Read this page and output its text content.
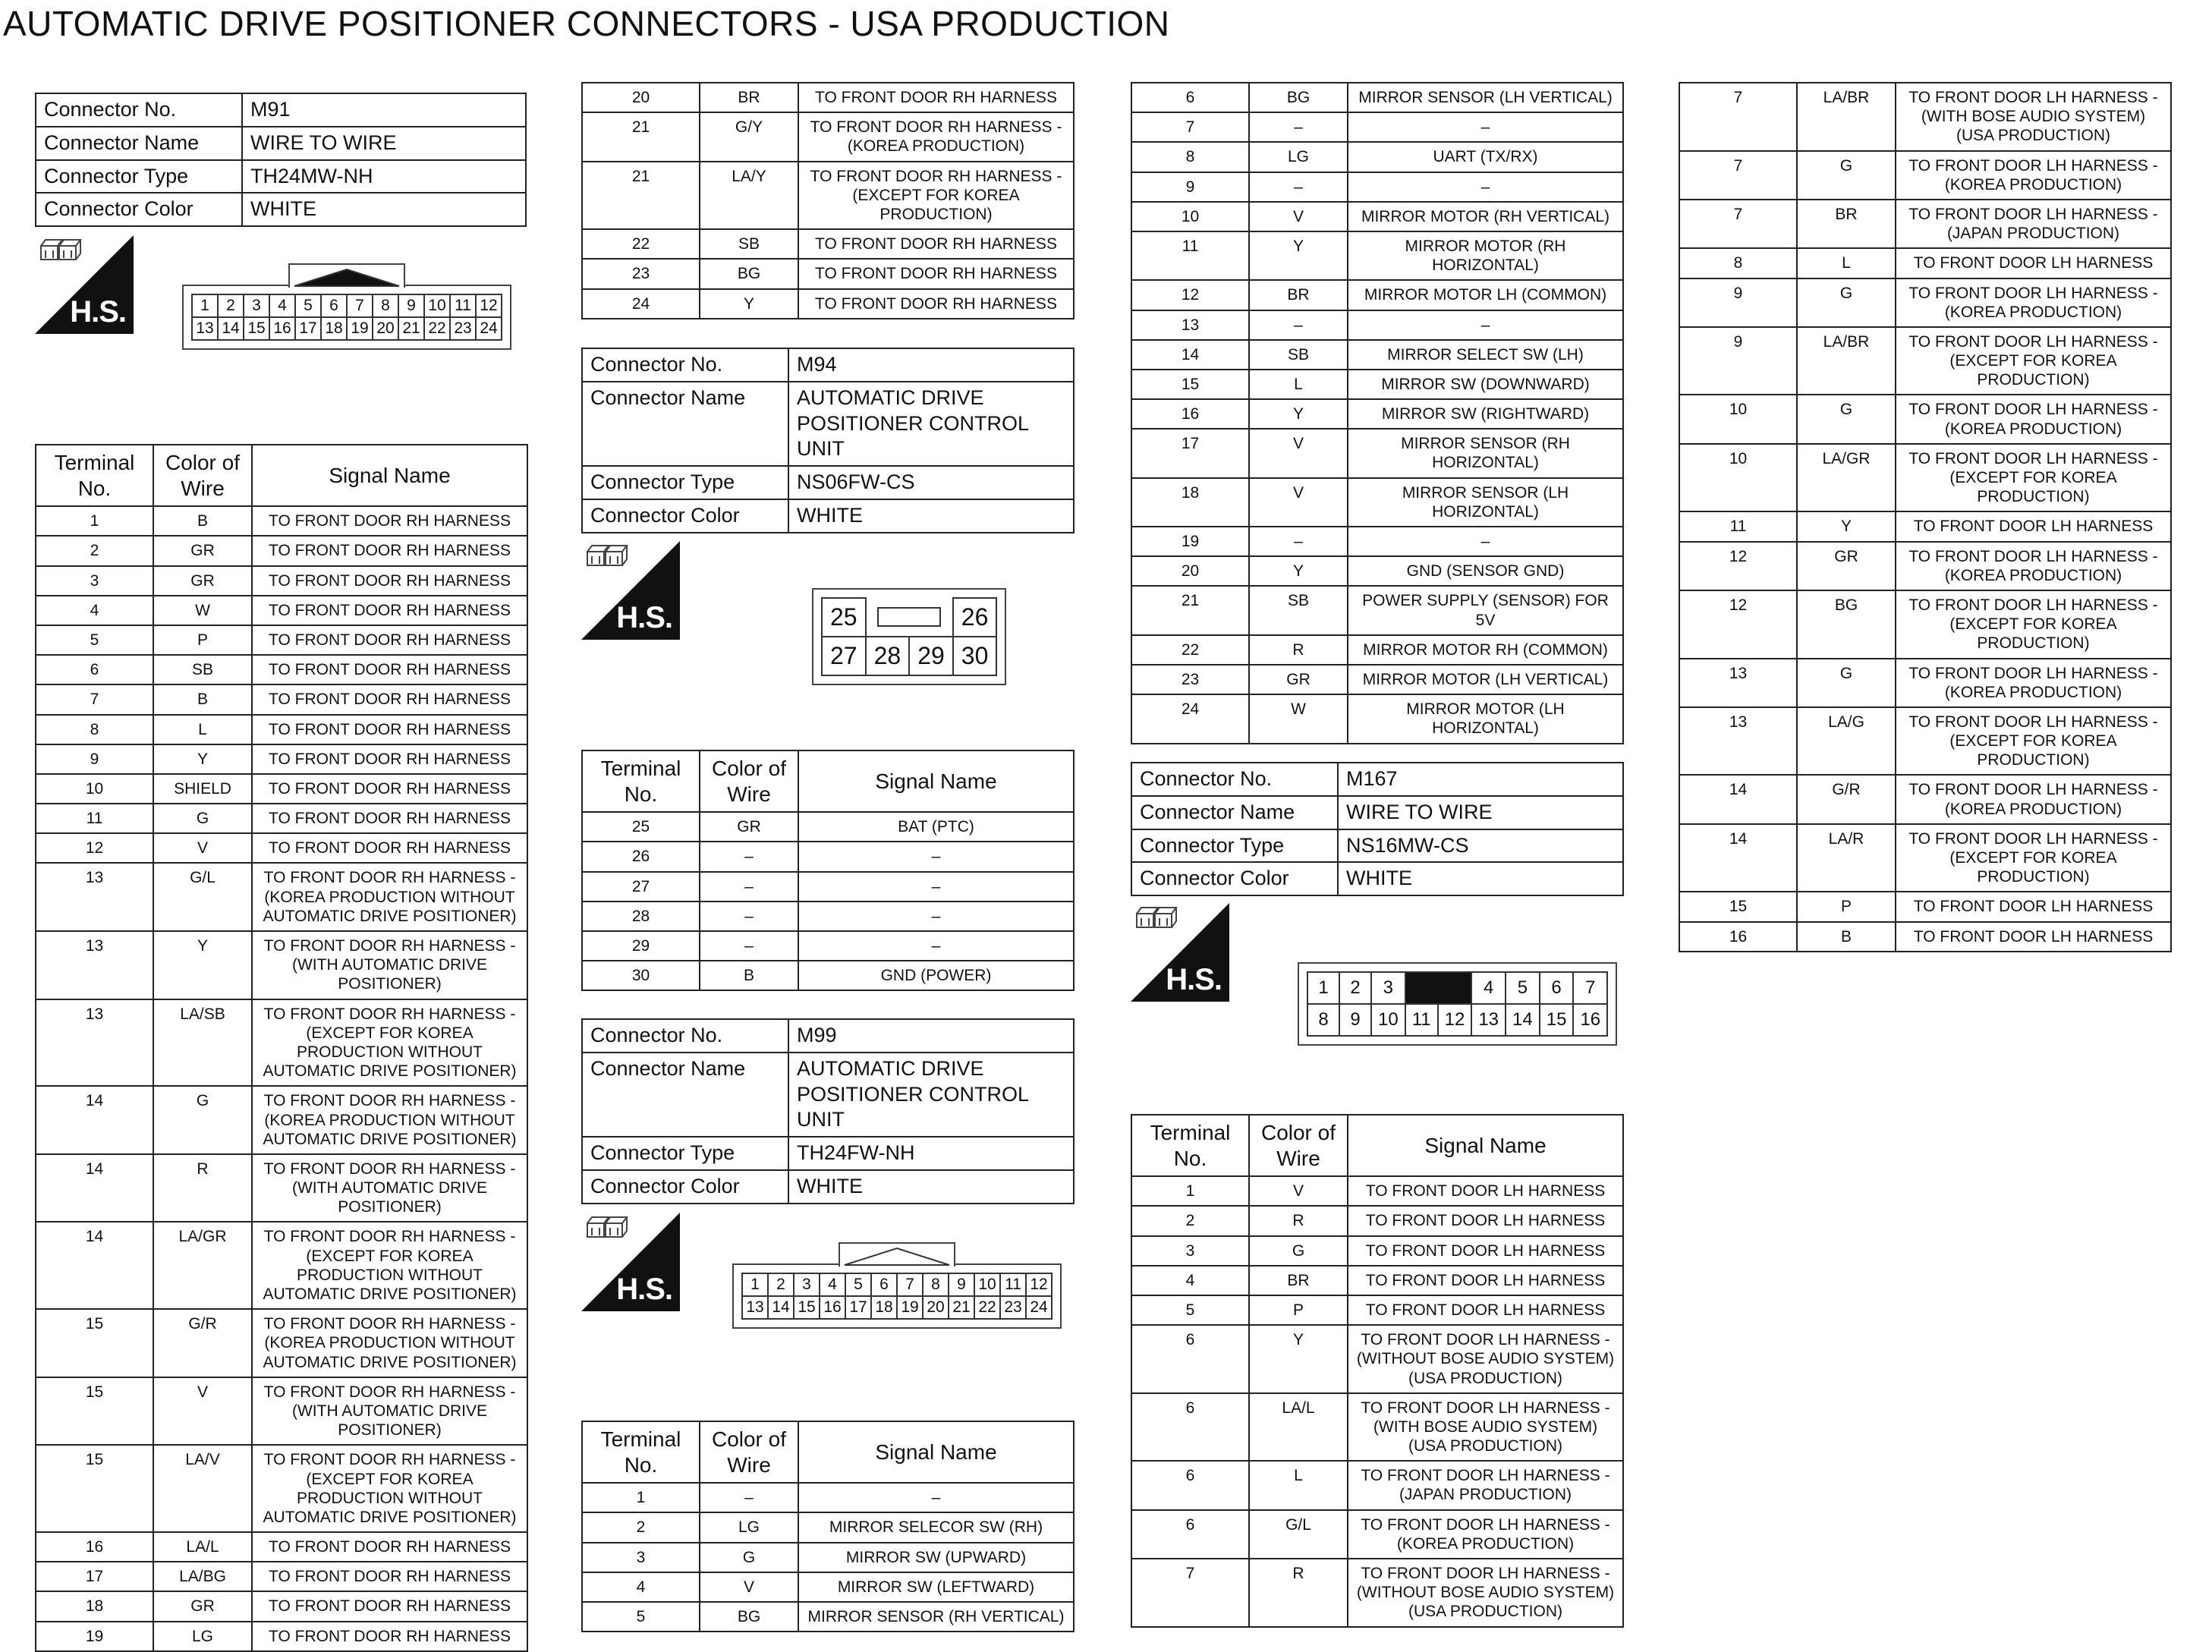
AUTOMATIC DRIVE POSITIONER CONNECTORS - USA PRODUCTION
Connector No.	M91
Connector Name	WIRE TO WIRE
Connector Type	TH24MW-NH
Connector Color	WHITE
H.S.	1	2	3	4	5	6	7	8	9	10	11	12
13	14	15	16	17	18	19	20	21	22	23	24
Terminal No.	Color of Wire	Signal Name
1	B	TO FRONT DOOR RH HARNESS
2	GR	TO FRONT DOOR RH HARNESS
3	GR	TO FRONT DOOR RH HARNESS
4	W	TO FRONT DOOR RH HARNESS
5	P	TO FRONT DOOR RH HARNESS
6	SB	TO FRONT DOOR RH HARNESS
7	B	TO FRONT DOOR RH HARNESS
8	L	TO FRONT DOOR RH HARNESS
9	Y	TO FRONT DOOR RH HARNESS
10	SHIELD	TO FRONT DOOR RH HARNESS
11	G	TO FRONT DOOR RH HARNESS
12	V	TO FRONT DOOR RH HARNESS
13	G/L	TO FRONT DOOR RH HARNESS - (KOREA PRODUCTION WITHOUT AUTOMATIC DRIVE POSITIONER)
13	Y	TO FRONT DOOR RH HARNESS - (WITH AUTOMATIC DRIVE POSITIONER)
13	LA/SB	TO FRONT DOOR RH HARNESS - (EXCEPT FOR KOREA PRODUCTION WITHOUT AUTOMATIC DRIVE POSITIONER)
14	G	TO FRONT DOOR RH HARNESS - (KOREA PRODUCTION WITHOUT AUTOMATIC DRIVE POSITIONER)
14	R	TO FRONT DOOR RH HARNESS - (WITH AUTOMATIC DRIVE POSITIONER)
14	LA/GR	TO FRONT DOOR RH HARNESS - (EXCEPT FOR KOREA PRODUCTION WITHOUT AUTOMATIC DRIVE POSITIONER)
15	G/R	TO FRONT DOOR RH HARNESS - (KOREA PRODUCTION WITHOUT AUTOMATIC DRIVE POSITIONER)
15	V	TO FRONT DOOR RH HARNESS - (WITH AUTOMATIC DRIVE POSITIONER)
15	LA/V	TO FRONT DOOR RH HARNESS - (EXCEPT FOR KOREA PRODUCTION WITHOUT AUTOMATIC DRIVE POSITIONER)
16	LA/L	TO FRONT DOOR RH HARNESS
17	LA/BG	TO FRONT DOOR RH HARNESS
18	GR	TO FRONT DOOR RH HARNESS
19	LG	TO FRONT DOOR RH HARNESS
20	BR	TO FRONT DOOR RH HARNESS
21	G/Y	TO FRONT DOOR RH HARNESS - (KOREA PRODUCTION)
21	LA/Y	TO FRONT DOOR RH HARNESS - (EXCEPT FOR KOREA PRODUCTION)
22	SB	TO FRONT DOOR RH HARNESS
23	BG	TO FRONT DOOR RH HARNESS
24	Y	TO FRONT DOOR RH HARNESS
Connector No.	M94
Connector Name	AUTOMATIC DRIVE POSITIONER CONTROL UNIT
Connector Type	NS06FW-CS
Connector Color	WHITE
H.S.	25			26
27	28	29	30
Terminal No.	Color of Wire	Signal Name
25	GR	BAT (PTC)
26	–	–
27	–	–
28	–	–
29	–	–
30	B	GND (POWER)
Connector No.	M99
Connector Name	AUTOMATIC DRIVE POSITIONER CONTROL UNIT
Connector Type	TH24FW-NH
Connector Color	WHITE
H.S.	1	2	3	4	5	6	7	8	9	10	11	12
13	14	15	16	17	18	19	20	21	22	23	24
Terminal No.	Color of Wire	Signal Name
1	–	–
2	LG	MIRROR SELECOR SW (RH)
3	G	MIRROR SW (UPWARD)
4	V	MIRROR SW (LEFTWARD)
5	BG	MIRROR SENSOR (RH VERTICAL)
6	BG	MIRROR SENSOR (LH VERTICAL)
7	–	–
8	LG	UART (TX/RX)
9	–	–
10	V	MIRROR MOTOR (RH VERTICAL)
11	Y	MIRROR MOTOR (RH HORIZONTAL)
12	BR	MIRROR MOTOR LH (COMMON)
13	–	–
14	SB	MIRROR SELECT SW (LH)
15	L	MIRROR SW (DOWNWARD)
16	Y	MIRROR SW (RIGHTWARD)
17	V	MIRROR SENSOR (RH HORIZONTAL)
18	V	MIRROR SENSOR (LH HORIZONTAL)
19	–	–
20	Y	GND (SENSOR GND)
21	SB	POWER SUPPLY (SENSOR) FOR 5V
22	R	MIRROR MOTOR RH (COMMON)
23	GR	MIRROR MOTOR (LH VERTICAL)
24	W	MIRROR MOTOR (LH HORIZONTAL)
Connector No.	M167
Connector Name	WIRE TO WIRE
Connector Type	NS16MW-CS
Connector Color	WHITE
H.S.	1	2	3			4	5	6	7
8	9	10	11	12	13	14	15	16
Terminal No.	Color of Wire	Signal Name
1	V	TO FRONT DOOR LH HARNESS
2	R	TO FRONT DOOR LH HARNESS
3	G	TO FRONT DOOR LH HARNESS
4	BR	TO FRONT DOOR LH HARNESS
5	P	TO FRONT DOOR LH HARNESS
6	Y	TO FRONT DOOR LH HARNESS - (WITHOUT BOSE AUDIO SYSTEM) (USA PRODUCTION)
6	LA/L	TO FRONT DOOR LH HARNESS - (WITH BOSE AUDIO SYSTEM) (USA PRODUCTION)
6	L	TO FRONT DOOR LH HARNESS - (JAPAN PRODUCTION)
6	G/L	TO FRONT DOOR LH HARNESS - (KOREA PRODUCTION)
7	R	TO FRONT DOOR LH HARNESS - (WITHOUT BOSE AUDIO SYSTEM) (USA PRODUCTION)
7	LA/BR	TO FRONT DOOR LH HARNESS - (WITH BOSE AUDIO SYSTEM) (USA PRODUCTION)
7	G	TO FRONT DOOR LH HARNESS - (KOREA PRODUCTION)
7	BR	TO FRONT DOOR LH HARNESS - (JAPAN PRODUCTION)
8	L	TO FRONT DOOR LH HARNESS
9	G	TO FRONT DOOR LH HARNESS - (KOREA PRODUCTION)
9	LA/BR	TO FRONT DOOR LH HARNESS - (EXCEPT FOR KOREA PRODUCTION)
10	G	TO FRONT DOOR LH HARNESS - (KOREA PRODUCTION)
10	LA/GR	TO FRONT DOOR LH HARNESS - (EXCEPT FOR KOREA PRODUCTION)
11	Y	TO FRONT DOOR LH HARNESS
12	GR	TO FRONT DOOR LH HARNESS - (KOREA PRODUCTION)
12	BG	TO FRONT DOOR LH HARNESS - (EXCEPT FOR KOREA PRODUCTION)
13	G	TO FRONT DOOR LH HARNESS - (KOREA PRODUCTION)
13	LA/G	TO FRONT DOOR LH HARNESS - (EXCEPT FOR KOREA PRODUCTION)
14	G/R	TO FRONT DOOR LH HARNESS - (KOREA PRODUCTION)
14	LA/R	TO FRONT DOOR LH HARNESS - (EXCEPT FOR KOREA PRODUCTION)
15	P	TO FRONT DOOR LH HARNESS
16	B	TO FRONT DOOR LH HARNESS
